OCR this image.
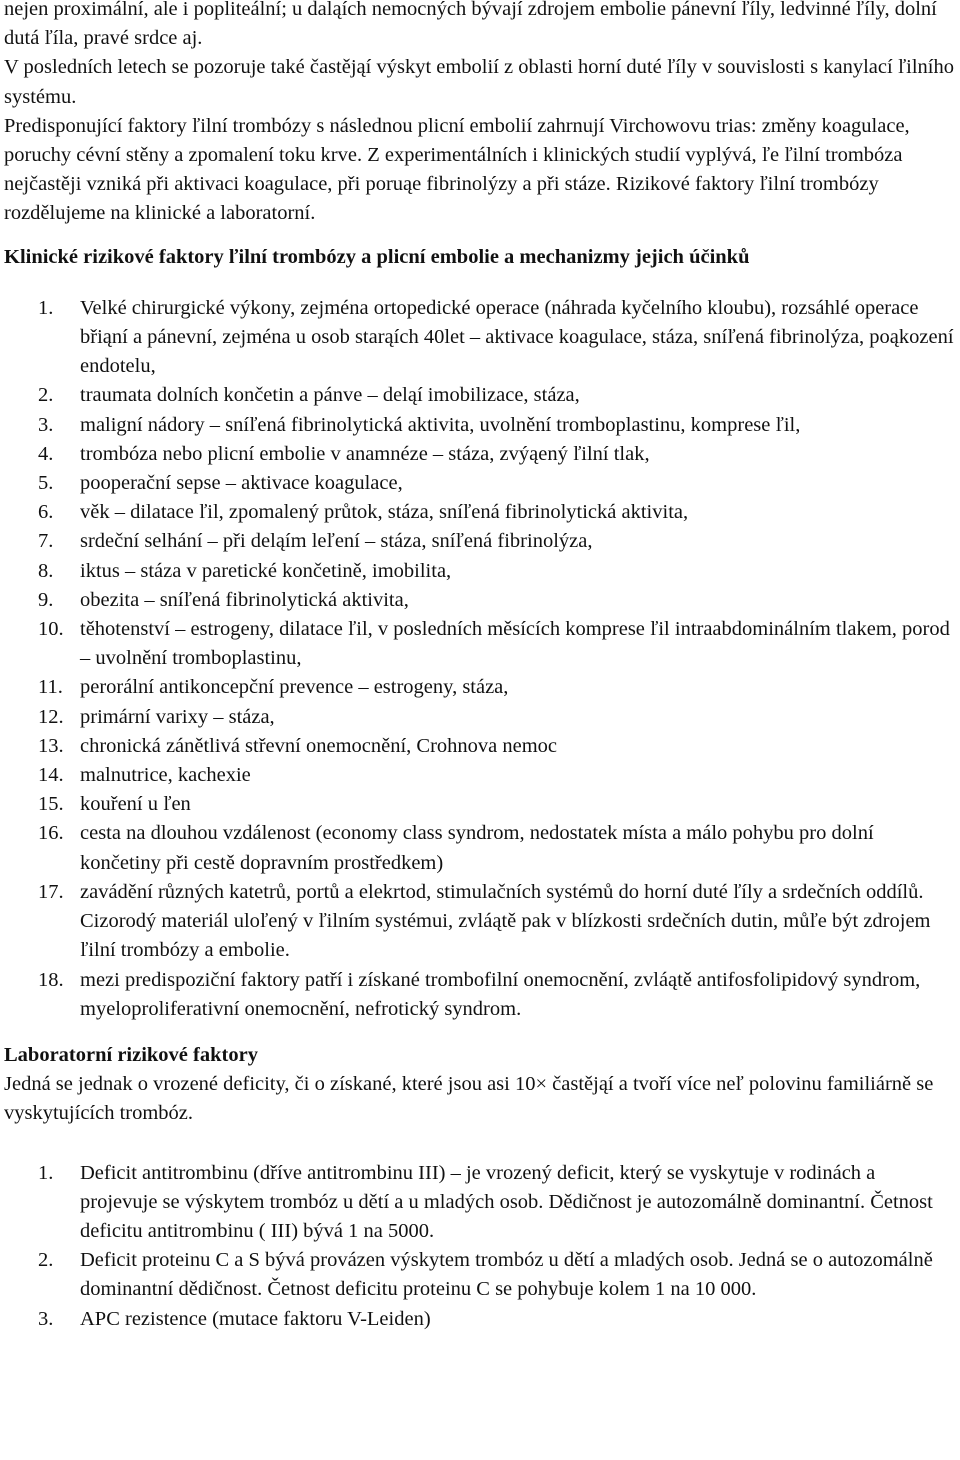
nejen proximální, ale i popliteální; u daląích nemocných bývají zdrojem embolie pánevní ľíly, ledvinné ľíly, dolní dutá ľíla, pravé srdce aj.

V posledních letech se pozoruje také častějąí výskyt embolií z oblasti horní duté ľíly v souvislosti s kanylací ľilního systému.

Predisponující faktory ľilní trombózy s následnou plicní embolií zahrnují Virchowovu trias: změny koagulace, poruchy cévní stěny a zpomalení toku krve. Z experimentálních i klinických studií vyplývá, ľe ľilní trombóza nejčastěji vzniká při aktivaci koagulace, při poruąe fibrinolýzy a při stáze. Rizikové faktory ľilní trombózy rozdělujeme na klinické a laboratorní.

Klinické rizikové faktory ľilní trombózy a plicní embolie a mechanizmy jejich účinků

1.	Velké chirurgické výkony, zejména ortopedické operace (náhrada kyčelního kloubu), rozsáhlé operace břiąní a pánevní, zejména u osob starąích 40let – aktivace koagulace, stáza, sníľená fibrinolýza, poąkození endotelu,
2.	traumata dolních končetin a pánve – deląí imobilizace, stáza,
3.	maligní nádory – sníľená fibrinolytická aktivita, uvolnění tromboplastinu, komprese ľil,
4.	trombóza nebo plicní embolie v anamnéze – stáza, zvýąený ľilní tlak,
5.	pooperační sepse – aktivace koagulace,
6.	věk – dilatace ľil, zpomalený průtok, stáza, sníľená fibrinolytická aktivita,
7.	srdeční selhání – při deląím leľení – stáza, sníľená fibrinolýza,
8.	iktus – stáza v paretické končetině, imobilita,
9.	obezita – sníľená fibrinolytická aktivita,
10. těhotenství – estrogeny, dilatace ľil, v posledních měsících komprese ľil intraabdominálním tlakem, porod – uvolnění tromboplastinu,
11. perorální antikoncepční prevence – estrogeny, stáza,
12. primární varixy – stáza,
13. chronická zánětlivá střevní onemocnění, Crohnova nemoc
14. malnutrice, kachexie
15. kouření u ľen
16. cesta na dlouhou vzdálenost (economy class syndrom, nedostatek místa a málo pohybu pro dolní končetiny při cestě dopravním prostředkem)
17. zavádění různých katetrů, portů a elekrtod, stimulačních systémů do horní duté ľíly a srdečních oddílů. Cizorodý materiál uloľený v ľilním systémui, zvláątě pak v blízkosti srdečních dutin, můľe být zdrojem ľilní trombózy a embolie.
18. mezi predispoziční faktory patří i získané trombofilní onemocnění, zvláątě antifosfolipidový syndrom, myeloproliferativní onemocnění, nefrotický syndrom.

Laboratorní rizikové faktory

Jedná se jednak o vrozené deficity, či o získané, které jsou asi 10× častějąí a tvoří více neľ polovinu familiárně se vyskytujících trombóz.

1.	Deficit antitrombinu (dříve antitrombinu III) – je vrozený deficit, který se vyskytuje v rodinách a projevuje se výskytem trombóz u dětí a u mladých osob. Dědičnost je autozomálně dominantní. Četnost deficitu antitrombinu ( III) bývá 1 na 5000.
2.	Deficit proteinu C a S bývá provázen výskytem trombóz u dětí a mladých osob. Jedná se o autozomálně dominantní dědičnost. Četnost deficitu proteinu C se pohybuje kolem 1 na 10 000.
3.	APC rezistence (mutace faktoru V-Leiden)
